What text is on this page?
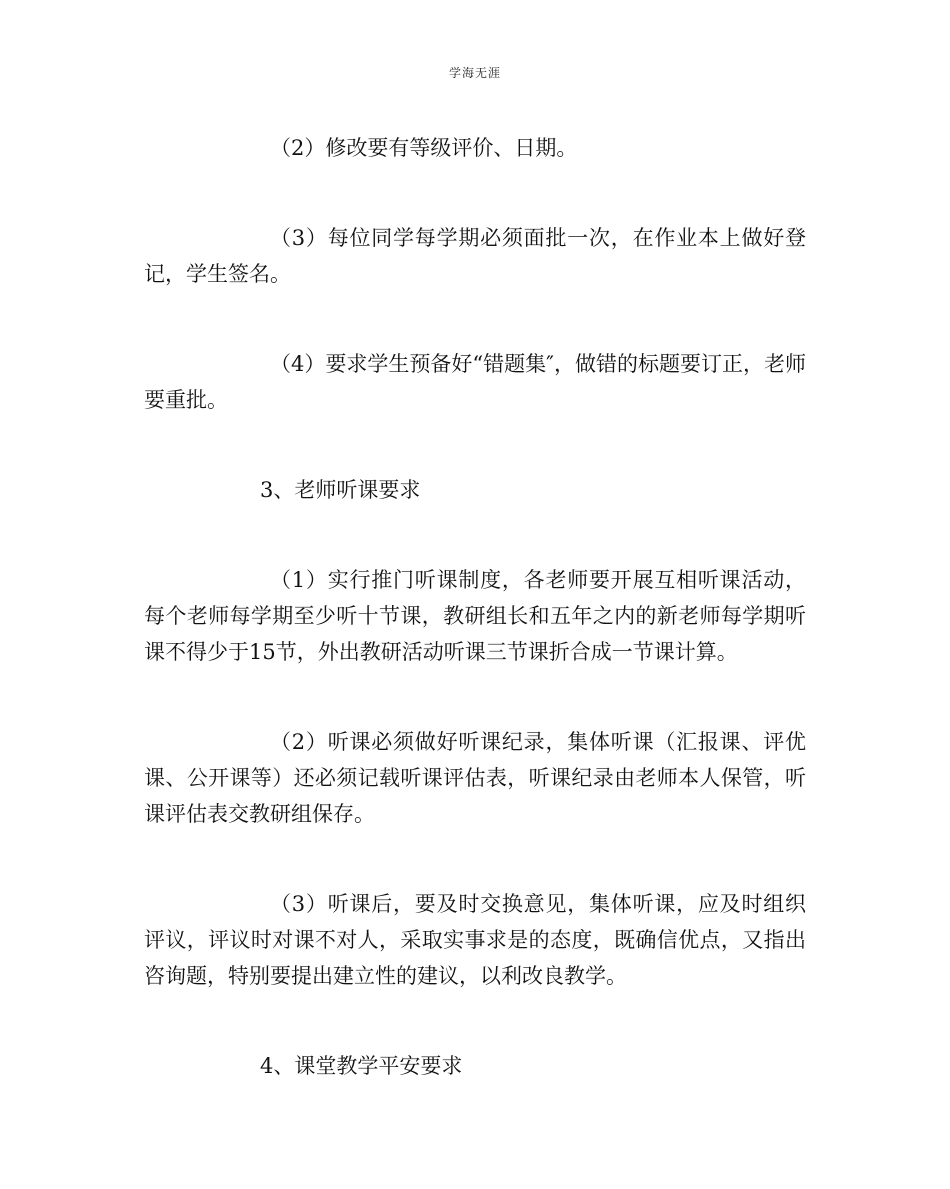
学海无涯

（2）修改要有等级评价、日期。

（3）每位同学每学期必须面批一次，在作业本上做好登记，学生签名。

（4）要求学生预备好“错题集″，做错的标题要订正，老师要重批。

3、老师听课要求

（1）实行推门听课制度，各老师要开展互相听课活动，每个老师每学期至少听十节课，教研组长和五年之内的新老师每学期听课不得少于15节，外出教研活动听课三节课折合成一节课计算。

（2）听课必须做好听课纪录，集体听课（汇报课、评优课、公开课等）还必须记载听课评估表，听课纪录由老师本人保管，听课评估表交教研组保存。

（3）听课后，要及时交换意见，集体听课，应及时组织评议，评议时对课不对人，采取实事求是的态度，既确信优点，又指出咨询题，特别要提出建立性的建议，以利改良教学。

4、课堂教学平安要求
